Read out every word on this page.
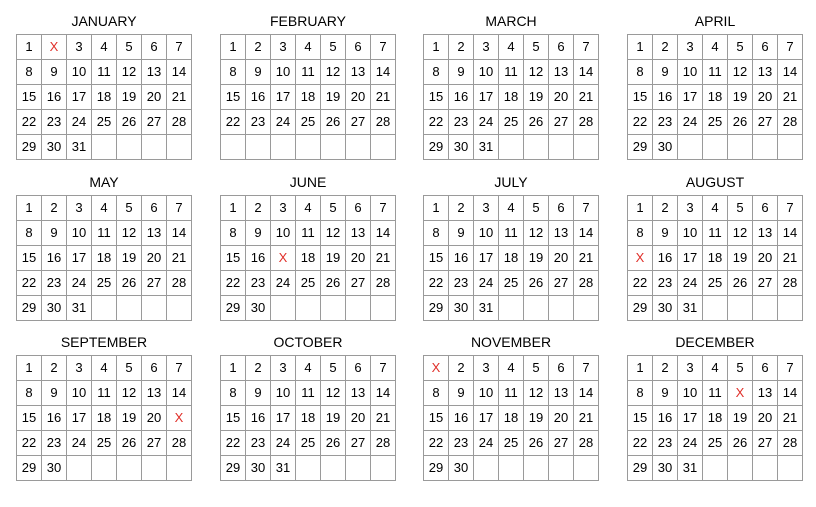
JANUARY
1	X	3	4	5	6	7
8	9	10 11 12 13 14
15 16 17 18 19 20 21
22 23 24 25 26 27 28
29 30 31
FEBRUARY
1	2	3	4	5	6	7
8	9	10 11 12 13 14
15 16 17 18 19 20 21
22 23 24 25 26 27 28
MARCH
1	2	3	4	5	6	7
8	9	10 11 12 13 14
15 16 17 18 19 20 21
22 23 24 25 26 27 28
29 30 31
APRIL
1	2	3	4	5	6	7
8	9	10 11 12 13 14
15 16 17 18 19 20 21
22 23 24 25 26 27 28
29 30
MAY
1	2	3	4	5	6	7
8	9	10 11 12 13 14
15 16 17 18 19 20 21
22 23 24 25 26 27 28
29 30 31
JUNE
1	2	3	4	5	6	7
8	9	10 11 12 13 14
15 16	X	18 19 20 21
22 23 24 25 26 27 28
29 30
JULY
1	2	3	4	5	6	7
8	9	10 11 12 13 14
15 16 17 18 19 20 21
22 23 24 25 26 27 28
29 30 31
AUGUST
1	2	3	4	5	6	7
8	9	10 11 12 13 14
X	16 17 18 19 20 21
22 23 24 25 26 27 28
29 30 31
SEPTEMBER
1	2	3	4	5	6	7
8	9	10 11 12 13 14
15 16 17 18 19 20	X
22 23 24 25 26 27 28
29 30
OCTOBER
1	2	3	4	5	6	7
8	9	10 11 12 13 14
15 16 17 18 19 20 21
22 23 24 25 26 27 28
29 30 31
NOVEMBER
X	2	3	4	5	6	7
8	9	10 11 12 13 14
15 16 17 18 19 20 21
22 23 24 25 26 27 28
29 30
DECEMBER
1	2	3	4	5	6	7
8	9	10 11	X	13 14
15 16 17 18 19 20 21
22 23 24 25 26 27 28
29 30 31
